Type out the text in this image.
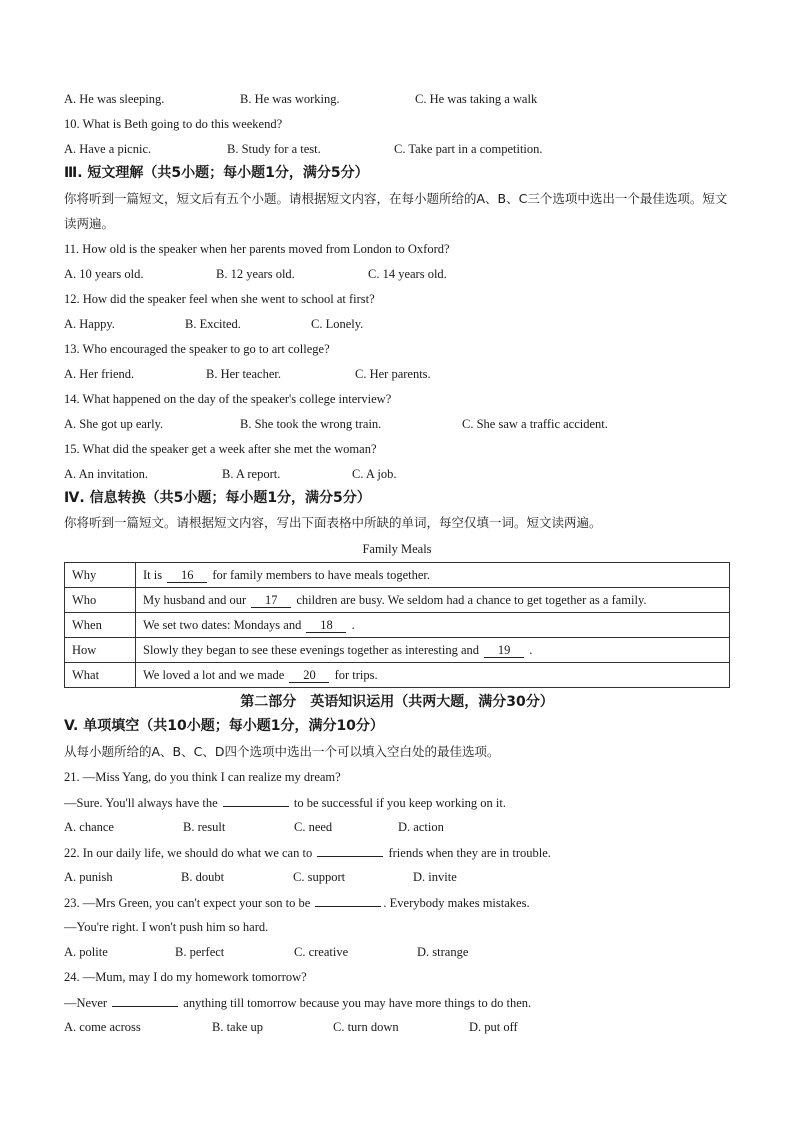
A. He was sleeping.	B. He was working.	C. He was taking a walk
10. What is Beth going to do this weekend?
A. Have a picnic.	B. Study for a test.	C. Take part in a competition.
Ⅲ. 短文理解（共5小题；每小题1分，满分5分）
你将听到一篇短文，短文后有五个小题。请根据短文内容，在每小题所给的A、B、C三个选项中选出一个最佳选项。短文读两遍。
11. How old is the speaker when her parents moved from London to Oxford?
A. 10 years old.	B. 12 years old.	C. 14 years old.
12. How did the speaker feel when she went to school at first?
A. Happy.	B. Excited.	C. Lonely.
13. Who encouraged the speaker to go to art college?
A. Her friend.	B. Her teacher.	C. Her parents.
14. What happened on the day of the speaker's college interview?
A. She got up early.	B. She took the wrong train.	C. She saw a traffic accident.
15. What did the speaker get a week after she met the woman?
A. An invitation.	B. A report.	C. A job.
Ⅳ. 信息转换（共5小题；每小题1分，满分5分）
你将听到一篇短文。请根据短文内容，写出下面表格中所缺的单词，每空仅填一词。短文读两遍。
Family Meals
Why	It is 16 for family members to have meals together.
Who	My husband and our 17 children are busy. We seldom had a chance to get together as a family.
When	We set two dates: Mondays and 18 .
How	Slowly they began to see these evenings together as interesting and 19 .
What	We loved a lot and we made 20 for trips.
第二部分　英语知识运用（共两大题，满分30分）
V. 单项填空（共10小题；每小题1分，满分10分）
从每小题所给的A、B、C、D四个选项中选出一个可以填入空白处的最佳选项。
21. —Miss Yang, do you think I can realize my dream?
—Sure. You'll always have the	to be successful if you keep working on it.
A. chance	B. result	C. need	D. action
22. In our daily life, we should do what we can to	friends when they are in trouble.
A. punish	B. doubt	C. support	D. invite
23. —Mrs Green, you can't expect your son to be	. Everybody makes mistakes.
—You're right. I won't push him so hard.
A. polite	B. perfect	C. creative	D. strange
24. —Mum, may I do my homework tomorrow?
—Never	anything till tomorrow because you may have more things to do then.
A. come across	B. take up	C. turn down	D. put off
